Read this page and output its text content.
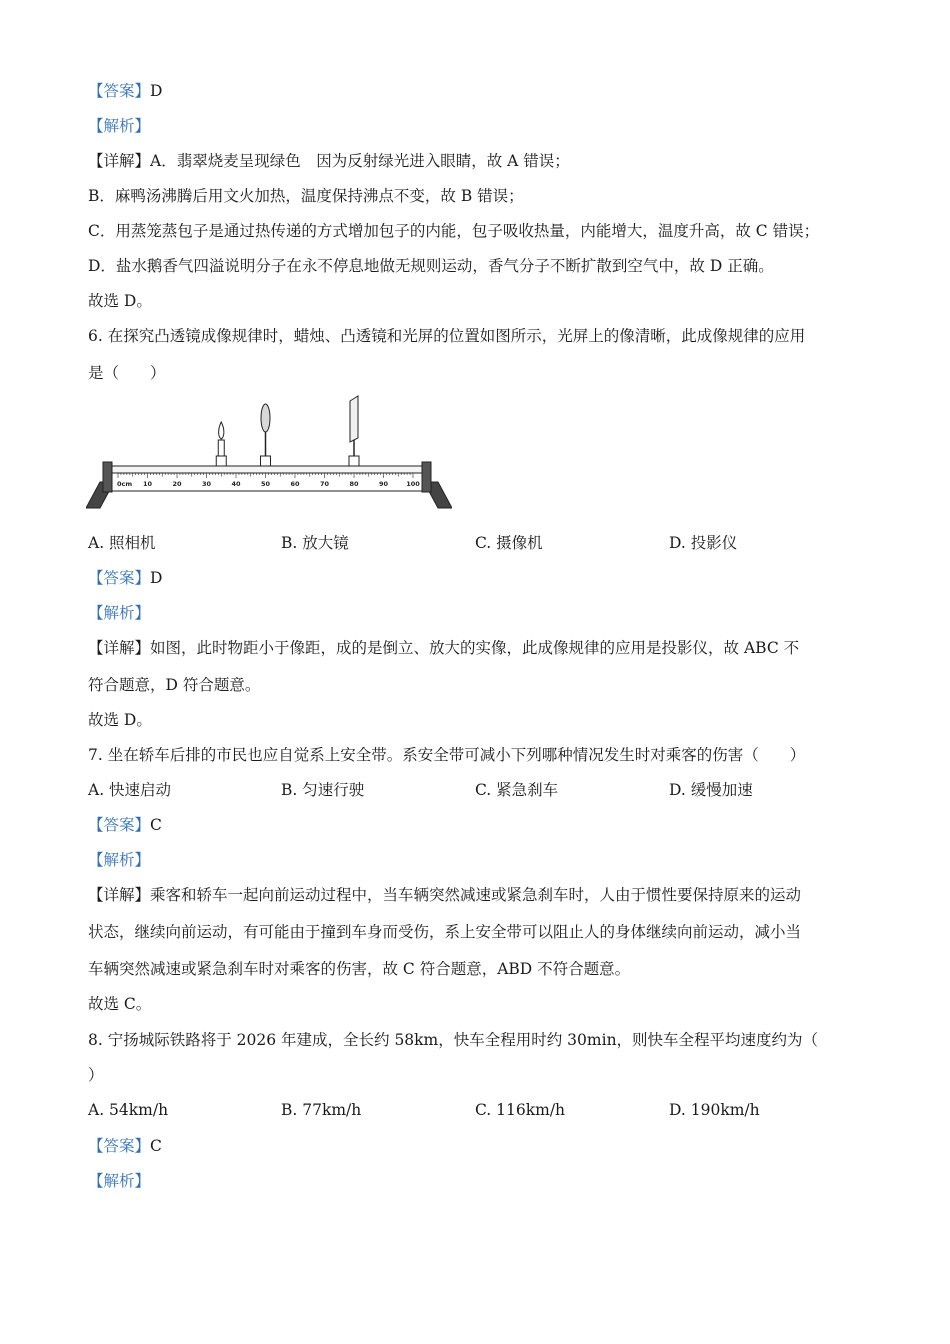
【答案】D
【解析】
【详解】A．翡翠烧麦呈现绿色　因为反射绿光进入眼睛，故 A 错误；
B．麻鸭汤沸腾后用文火加热，温度保持沸点不变，故 B 错误；
C．用蒸笼蒸包子是通过热传递的方式增加包子的内能，包子吸收热量，内能增大，温度升高，故 C 错误；
D．盐水鹅香气四溢说明分子在永不停息地做无规则运动，香气分子不断扩散到空气中，故 D 正确。
故选 D。
6. 在探究凸透镜成像规律时，蜡烛、凸透镜和光屏的位置如图所示，光屏上的像清晰，此成像规律的应用
是（　　）
0cm 10	20	30	40	50	60	70	80	90	100
A. 照相机	B. 放大镜	C. 摄像机	D. 投影仪
【答案】D
【解析】
【详解】如图，此时物距小于像距，成的是倒立、放大的实像，此成像规律的应用是投影仪，故 ABC 不
符合题意，D 符合题意。
故选 D。
7. 坐在轿车后排的市民也应自觉系上安全带。系安全带可减小下列哪种情况发生时对乘客的伤害（　　）
A. 快速启动	B. 匀速行驶	C. 紧急刹车	D. 缓慢加速
【答案】C
【解析】
【详解】乘客和轿车一起向前运动过程中，当车辆突然减速或紧急刹车时，人由于惯性要保持原来的运动
状态，继续向前运动，有可能由于撞到车身而受伤，系上安全带可以阻止人的身体继续向前运动，减小当
车辆突然减速或紧急刹车时对乘客的伤害，故 C 符合题意，ABD 不符合题意。
故选 C。
8. 宁扬城际铁路将于 2026 年建成，全长约 58km，快车全程用时约 30min，则快车全程平均速度约为（
）
A. 54km/h	B. 77km/h	C. 116km/h	D. 190km/h
【答案】C
【解析】
